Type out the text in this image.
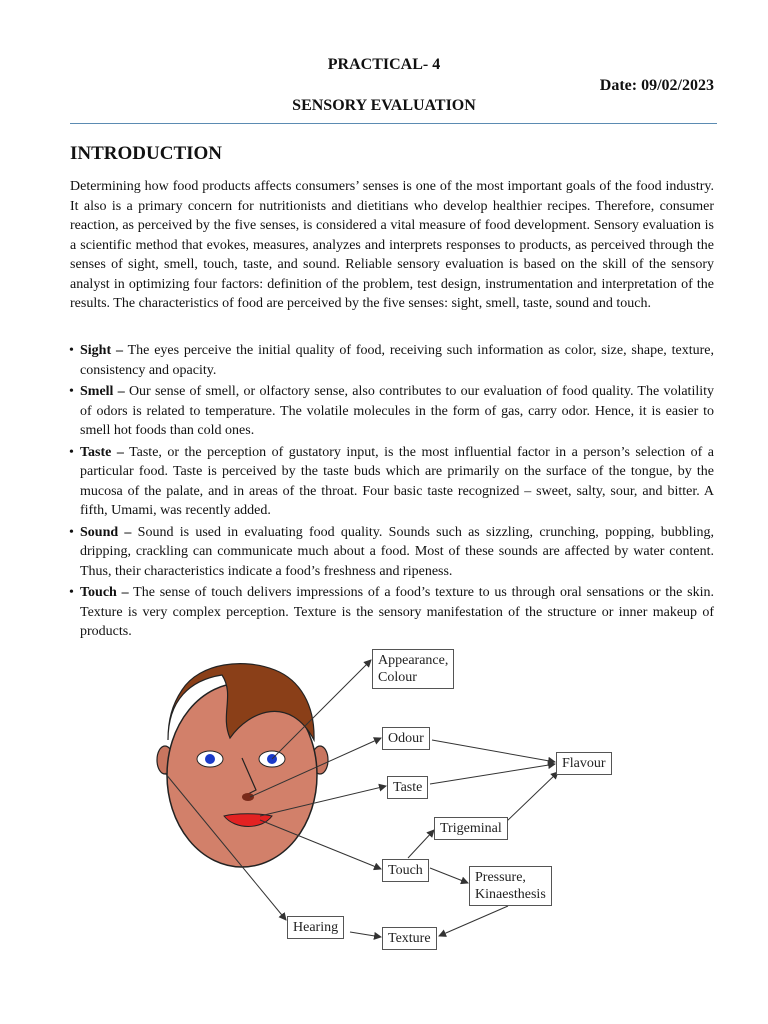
PRACTICAL- 4
Date: 09/02/2023
SENSORY EVALUATION
INTRODUCTION

Determining how food products affects consumers’ senses is one of the most important goals of the food industry. It also is a primary concern for nutritionists and dietitians who develop healthier recipes. Therefore, consumer reaction, as perceived by the five senses, is considered a vital measure of food development. Sensory evaluation is a scientific method that evokes, measures, analyzes and interprets responses to products, as perceived through the senses of sight, smell, touch, taste, and sound. Reliable sensory evaluation is based on the skill of the sensory analyst in optimizing four factors: definition of the problem, test design, instrumentation and interpretation of the results. The characteristics of food are perceived by the five senses: sight, smell, taste, sound and touch.

• Sight – The eyes perceive the initial quality of food, receiving such information as color, size, shape, texture, consistency and opacity.
• Smell – Our sense of smell, or olfactory sense, also contributes to our evaluation of food quality. The volatility of odors is related to temperature. The volatile molecules in the form of gas, carry odor. Hence, it is easier to smell hot foods than cold ones.
• Taste – Taste, or the perception of gustatory input, is the most influential factor in a person’s selection of a particular food. Taste is perceived by the taste buds which are primarily on the surface of the tongue, by the mucosa of the palate, and in areas of the throat. Four basic taste recognized – sweet, salty, sour, and bitter. A fifth, Umami, was recently added.
• Sound – Sound is used in evaluating food quality. Sounds such as sizzling, crunching, popping, bubbling, dripping, crackling can communicate much about a food. Most of these sounds are affected by water content. Thus, their characteristics indicate a food’s freshness and ripeness.
• Touch – The sense of touch delivers impressions of a food’s texture to us through oral sensations or the skin. Texture is very complex perception. Texture is the sensory manifestation of the structure or inner makeup of products.
Appearance,
Colour
Odour
Taste
Flavour
Trigeminal
Touch	Pressure,
Kinaesthesis
Hearing
Texture
